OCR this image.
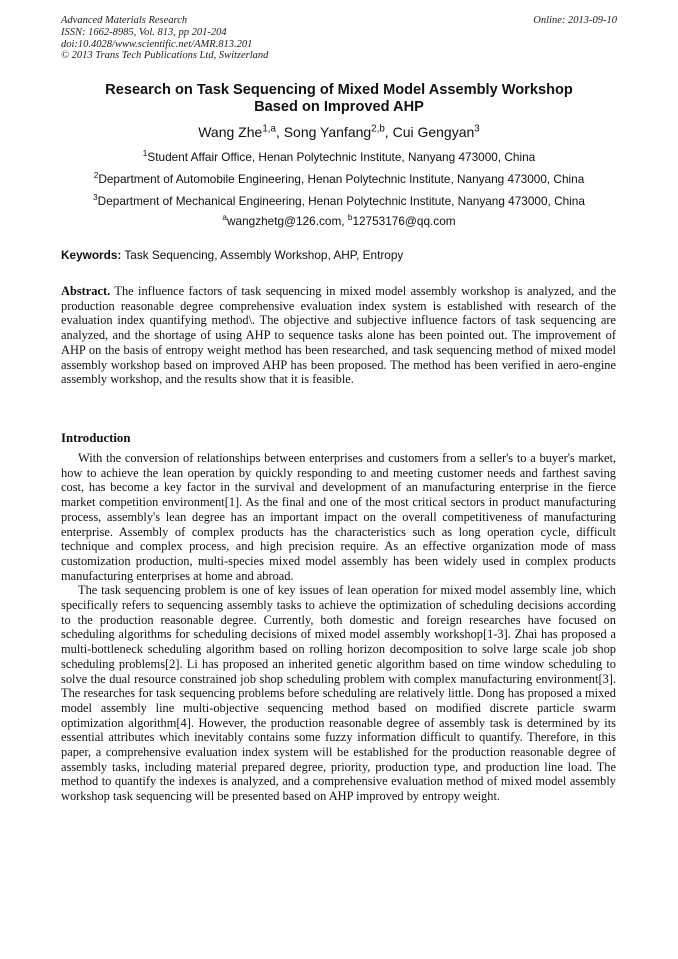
Advanced Materials Research
ISSN: 1662-8985, Vol. 813, pp 201-204
doi:10.4028/www.scientific.net/AMR.813.201
© 2013 Trans Tech Publications Ltd, Switzerland
Online: 2013-09-10
Research on Task Sequencing of Mixed Model Assembly Workshop
Based on Improved AHP
Wang Zhe$^{1,a}$, Song Yanfang$^{2,b}$, Cui Gengyan$^3$
$^1$Student Affair Office, Henan Polytechnic Institute, Nanyang 473000, China
$^2$Department of Automobile Engineering, Henan Polytechnic Institute, Nanyang 473000, China
$^3$Department of Mechanical Engineering, Henan Polytechnic Institute, Nanyang 473000, China
$^a$wangzhetg@126.com, $^b$12753176@qq.com
Keywords: Task Sequencing, Assembly Workshop, AHP, Entropy
Abstract. The influence factors of task sequencing in mixed model assembly workshop is analyzed, and the production reasonable degree comprehensive evaluation index system is established with research of the evaluation index quantifying method\. The objective and subjective influence factors of task sequencing are analyzed, and the shortage of using AHP to sequence tasks alone has been pointed out. The improvement of AHP on the basis of entropy weight method has been researched, and task sequencing method of mixed model assembly workshop based on improved AHP has been proposed. The method has been verified in aero-engine assembly workshop, and the results show that it is feasible.
Introduction

With the conversion of relationships between enterprises and customers from a seller's to a buyer's market, how to achieve the lean operation by quickly responding to and meeting customer needs and farthest saving cost, has become a key factor in the survival and development of an manufacturing enterprise in the fierce market competition environment[1]. As the final and one of the most critical sectors in product manufacturing process, assembly's lean degree has an important impact on the overall competitiveness of manufacturing enterprise. Assembly of complex products has the characteristics such as long operation cycle, difficult technique and complex process, and high precision require. As an effective organization mode of mass customization production, multi-species mixed model assembly has been widely used in complex products manufacturing enterprises at home and abroad.

The task sequencing problem is one of key issues of lean operation for mixed model assembly line, which specifically refers to sequencing assembly tasks to achieve the optimization of scheduling decisions according to the production reasonable degree. Currently, both domestic and foreign researches have focused on scheduling algorithms for scheduling decisions of mixed model assembly workshop[1-3]. Zhai has proposed a multi-bottleneck scheduling algorithm based on rolling horizon decomposition to solve large scale job shop scheduling problems[2]. Li has proposed an inherited genetic algorithm based on time window scheduling to solve the dual resource constrained job shop scheduling problem with complex manufacturing environment[3]. The researches for task sequencing problems before scheduling are relatively little. Dong has proposed a mixed model assembly line multi-objective sequencing method based on modified discrete particle swarm optimization algorithm[4]. However, the production reasonable degree of assembly task is determined by its essential attributes which inevitably contains some fuzzy information difficult to quantify. Therefore, in this paper, a comprehensive evaluation index system will be established for the production reasonable degree of assembly tasks, including material prepared degree, priority, production type, and production line load. The method to quantify the indexes is analyzed, and a comprehensive evaluation method of mixed model assembly workshop task sequencing will be presented based on AHP improved by entropy weight.
